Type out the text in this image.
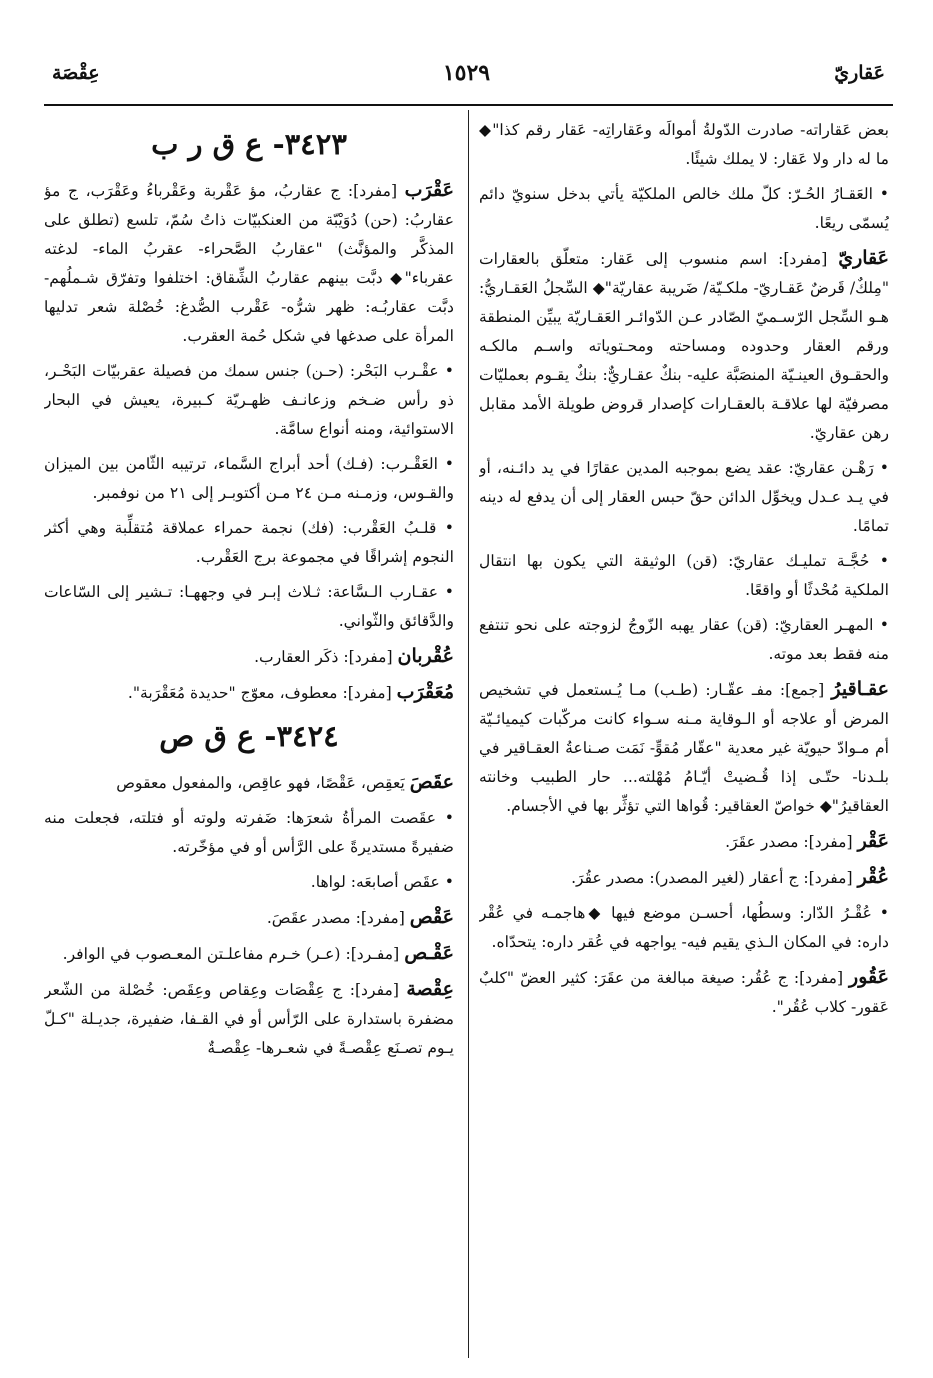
عَقاريّ
١٥٢٩
عِقْصَة

بعض عَقاراته- صادرت الدّولةُ أموالَه وعَقاراتِه- عَقار رقم كذا"◆ ما له دار ولا عَقار: لا يملك شيئًا.

• العَقـارُ الحُـرّ: كلّ ملك خالص الملكيّة يأتي بدخل سنويّ دائم يُسمّى ريعًا.

عَقاريّ [مفرد]: اسم منسوب إلى عَقار: متعلّق بالعقارات "مِلكٌ/ قَرضٌ عَقـاريّ- ملكـيّة/ ضَريبة عقاريّة"◆ السِّجلُ العَقـاريُّ: هـو السِّجل الرّسـميّ الصّادر عـن الدّوائـر العَقـاريّة يبيِّن المنطقة ورقم العقار وحدوده ومساحته ومحـتوياته واسـم مالكـه والحقـوق العينـيّة المنصَبَّة عليه- بنكٌ عقـاريٌّ: بنكٌ يقـوم بعمليّات مصرفيّة لها علاقـة بالعقـارات كإصدار قروض طويلة الأمد مقابل رهن عقاريّ.

• رَهْـن عقاريّ: عقد يضع بموجبه المدين عقارًا في يد دائـنه، أو في يـد عـدل ويخوِّل الدائن حقّ حبس العقار إلى أن يدفع له دينه تمامًا.

• حُجَّـة تمليـك عقاريّ: (قن) الوثيقة التي يكون بها انتقال الملكية مُحْدثًا أو واقعًا.

• المهـر العقاريّ: (قن) عقار يهبه الزّوجُ لزوجته على نحو تنتفع منه فقط بعد موته.

عقـاقيرُ [جمع]: مفـ عقّـار: (طـب) مـا يُـستعمل في تشخيص المرض أو علاجه أو الـوقاية مـنه سـواء كانت مركّبات كيميائـيّة أم مـوادّ حيويّة غير معدية "عقّار مُقوٍّ- نَمَت صـناعةُ العقـاقير في بلـدنا- حتّـى إذا قُـضيتْ أيّـامُ مُهْلته... حار الطبيب وخانته العقاقيرُ"◆ خواصّ العقاقير: قُواها التي تؤثِّر بها في الأجسام.

عَقْر [مفرد]: مصدر عقَرَ.

عُقْر [مفرد]: ج أعقار (لغير المصدر): مصدر عقُرَ.

• عُقْـرُ الدّار: وسطُها، أحسـن موضع فيها ◆هاجمـه في عُقْر داره: في المكان الـذي يقيم فيه- يواجهه في عُقر داره: يتحدّاه.

عَقُور [مفرد]: ج عُقُر: صيغة مبالغة من عقَرَ: كثير العضّ "كلبٌ عَقور- كلاب عُقُر".

٣٤٢٣- ع ق ر ب

عَقْرَب [مفرد]: ج عقاربُ، مؤ عَقْربة وعَقْرباءُ وعَقْرَب، ج مؤ عقاربُ: (حن) دُوَيْبّة من العنكبيّات ذاتُ سُمّ، تلسع (تطلق على المذكَّر والمؤنَّث) "عقاربُ الصَّحراء- عقربُ الماء- لدغته عقرباء"◆ دبَّت بينهم عقاربُ الشِّقاق: اختلفوا وتفرّق شـملُهم- دبَّت عقاربُـه: ظهر شرُّه- عَقْرب الصُّدغ: خُصْلة شعر تدليها المرأة على صدغها في شكل حُمة العقرب.

• عقْـرب البَحْر: (حـن) جنس سمك من فصيلة عقربيّات البَحْـر، ذو رأس ضـخم وزعانـف ظهـريّة كـبيرة، يعيش في البحار الاستوائية، ومنه أنواع سامَّة.

• العَقْـرب: (فـك) أحد أبراج السَّماء، ترتيبه الثّامن بين الميزان والقـوس، وزمـنه مـن ٢٤ مـن أكتوبـر إلى ٢١ من نوفمبر.

• قلـبُ العَقْرب: (فك) نجمة حمراء عملاقة مُتقلِّبة وهي أكثر النجوم إشراقًا في مجموعة برج العَقْرب.

• عقـارب الـسَّاعة: ثـلاث إبـر في وجههـا: تـشير إلى السّاعات والدَّقائق والثّواني.

عُقْربان [مفرد]: ذكَر العقارب.

مُعَقْرَب [مفرد]: معطوف، معوّج "حديدة مُعَقْرَبة".

٣٤٢٤- ع ق ص

عقَصَ يَعقِص، عَقْصًا، فهو عاقِص، والمفعول معقوص

• عقَصت المرأةُ شعرَها: ضَفرته ولوته أو فتلته، فجعلت منه ضفيرةً مستديرةً على الرَّأس أو في مؤخّرته.

• عقَص أصابعَه: لواها.

عَقْص [مفرد]: مصدر عقَصَ.

عَقْـص [مفـرد]: (عـر) خـرم مفاعلـتن المعـصوب في الوافر.

عِقْصة [مفرد]: ج عِقْصَات وعِقاص وعِقَص: خُصْلة من الشّعر مضفرة باستدارة على الرّأس أو في القـفا، ضفيرة، جديـلة "كـلّ يـوم تصـنَع عِقْصـةً في شعـرها- عِقْصـةٌ
